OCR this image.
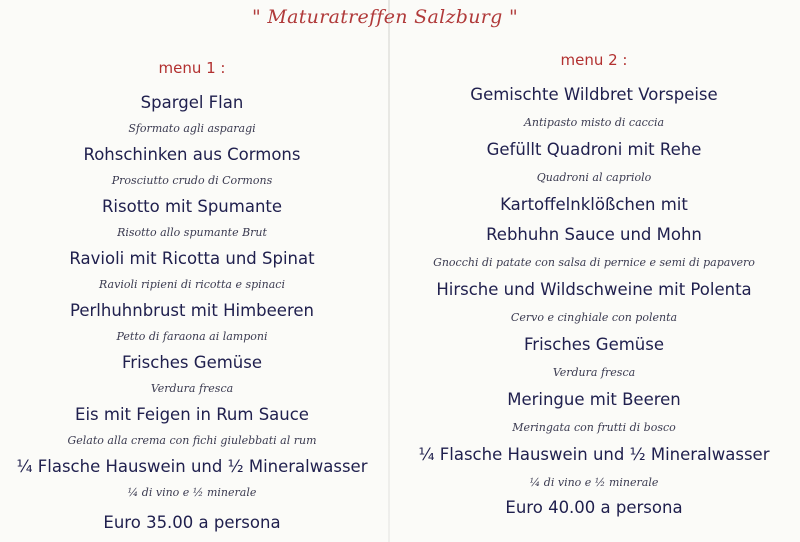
" Maturatreffen Salzburg "
menu 1 :
Spargel Flan
Sformato agli asparagi
Rohschinken aus Cormons
Prosciutto crudo di Cormons
Risotto mit Spumante
Risotto allo spumante Brut
Ravioli mit Ricotta und Spinat
Ravioli ripieni di ricotta e spinaci
Perlhuhnbrust mit Himbeeren
Petto di faraona ai lamponi
Frisches Gemüse
Verdura fresca
Eis mit Feigen in Rum Sauce
Gelato alla crema con fichi giulebbati al rum
¼ Flasche Hauswein und ½ Mineralwasser
¼ di vino e ½ minerale
Euro 35.00 a persona
menu 2 :
Gemischte Wildbret Vorspeise
Antipasto misto di caccia
Gefüllt Quadroni mit Rehe
Quadroni al capriolo
Kartoffelnklößchen mit
Rebhuhn Sauce und Mohn
Gnocchi di patate con salsa di pernice e semi di papavero
Hirsche und Wildschweine mit Polenta
Cervo e cinghiale con polenta
Frisches Gemüse
Verdura fresca
Meringue mit Beeren
Meringata con frutti di bosco
¼ Flasche Hauswein und ½ Mineralwasser
¼ di vino e ½ minerale
Euro 40.00 a persona
